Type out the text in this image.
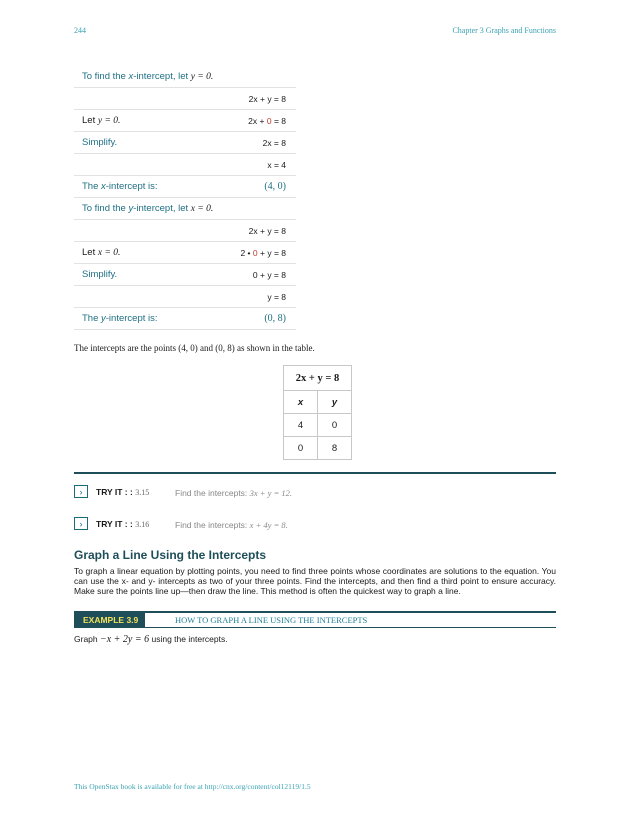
244	Chapter 3 Graphs and Functions
To find the x-intercept, let y = 0.	
	2x + y = 8
Let y = 0.	2x + 0 = 8
Simplify.	2x = 8
	x = 4
The x-intercept is:	(4, 0)
To find the y-intercept, let x = 0.	
	2x + y = 8
Let x = 0.	2 • 0 + y = 8
Simplify.	0 + y = 8
	y = 8
The y-intercept is:	(0, 8)
The intercepts are the points (4, 0) and (0, 8) as shown in the table.
2x + y = 8	
x	y
4	0
0	8
›	TRY IT : : 3.15	Find the intercepts: 3x + y = 12.
›	TRY IT : : 3.16	Find the intercepts: x + 4y = 8.
Graph a Line Using the Intercepts
To graph a linear equation by plotting points, you need to find three points whose coordinates are solutions to the equation. You can use the x- and y- intercepts as two of your three points. Find the intercepts, and then find a third point to ensure accuracy. Make sure the points line up—then draw the line. This method is often the quickest way to graph a line.
EXAMPLE 3.9	HOW TO GRAPH A LINE USING THE INTERCEPTS
Graph −x + 2y = 6 using the intercepts.
This OpenStax book is available for free at http://cnx.org/content/col12119/1.5
